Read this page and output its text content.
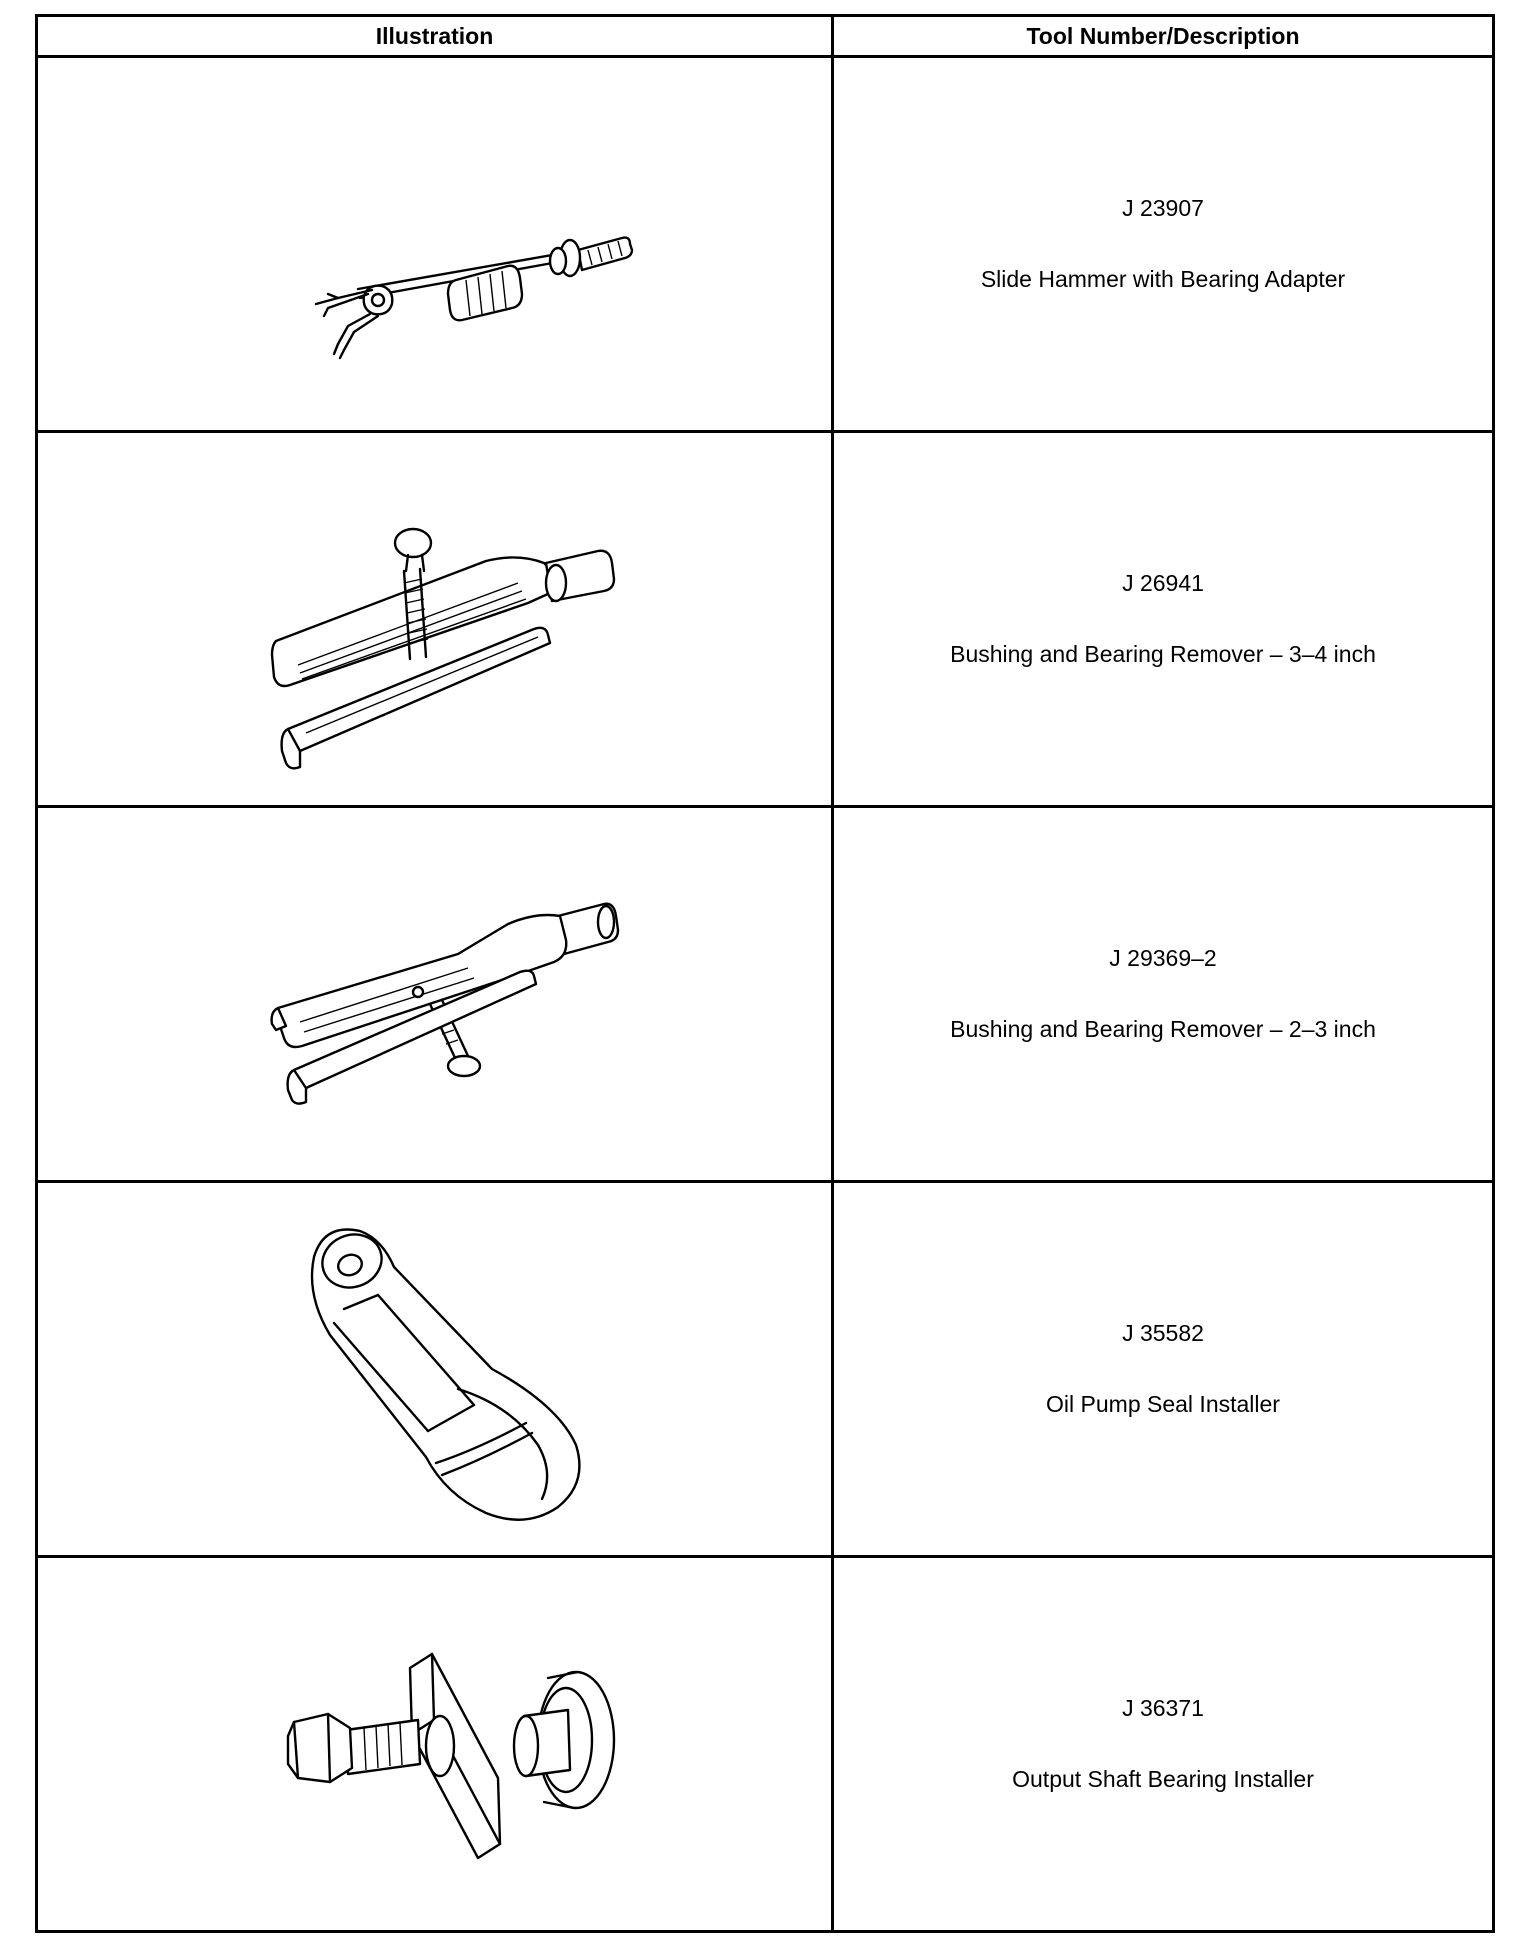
Illustration	Tool Number/Description

J 23907
Slide Hammer with Bearing Adapter

J 26941
Bushing and Bearing Remover – 3–4 inch

J 29369–2
Bushing and Bearing Remover – 2–3 inch

J 35582
Oil Pump Seal Installer

J 36371
Output Shaft Bearing Installer
